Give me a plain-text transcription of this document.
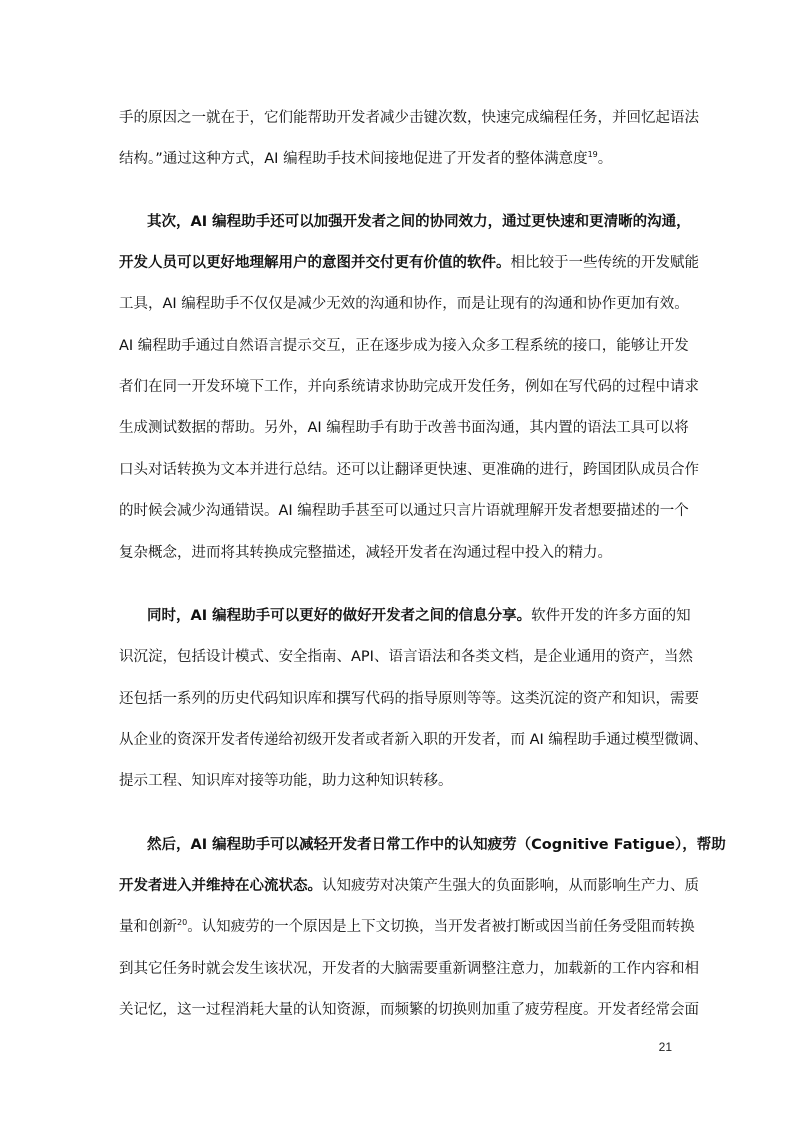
手的原因之一就在于，它们能帮助开发者减少击键次数，快速完成编程任务，并回忆起语法
结构。”通过这种方式，AI 编程助手技术间接地促进了开发者的整体满意度$^{19}$。
其次，AI 编程助手还可以加强开发者之间的协同效力，通过更快速和更清晰的沟通，
开发人员可以更好地理解用户的意图并交付更有价值的软件。相比较于一些传统的开发赋能
工具，AI 编程助手不仅仅是减少无效的沟通和协作，而是让现有的沟通和协作更加有效。
AI 编程助手通过自然语言提示交互，正在逐步成为接入众多工程系统的接口，能够让开发
者们在同一开发环境下工作，并向系统请求协助完成开发任务，例如在写代码的过程中请求
生成测试数据的帮助。另外，AI 编程助手有助于改善书面沟通，其内置的语法工具可以将
口头对话转换为文本并进行总结。还可以让翻译更快速、更准确的进行，跨国团队成员合作
的时候会减少沟通错误。AI 编程助手甚至可以通过只言片语就理解开发者想要描述的一个
复杂概念，进而将其转换成完整描述，减轻开发者在沟通过程中投入的精力。
同时，AI 编程助手可以更好的做好开发者之间的信息分享。软件开发的许多方面的知
识沉淀，包括设计模式、安全指南、API、语言语法和各类文档，是企业通用的资产，当然
还包括一系列的历史代码知识库和撰写代码的指导原则等等。这类沉淀的资产和知识，需要
从企业的资深开发者传递给初级开发者或者新入职的开发者，而 AI 编程助手通过模型微调、
提示工程、知识库对接等功能，助力这种知识转移。
然后，AI 编程助手可以减轻开发者日常工作中的认知疲劳（Cognitive Fatigue），帮助
开发者进入并维持在心流状态。认知疲劳对决策产生强大的负面影响，从而影响生产力、质
量和创新$^{20}$。认知疲劳的一个原因是上下文切换，当开发者被打断或因当前任务受阻而转换
到其它任务时就会发生该状况，开发者的大脑需要重新调整注意力，加载新的工作内容和相
关记忆，这一过程消耗大量的认知资源，而频繁的切换则加重了疲劳程度。开发者经常会面
21
